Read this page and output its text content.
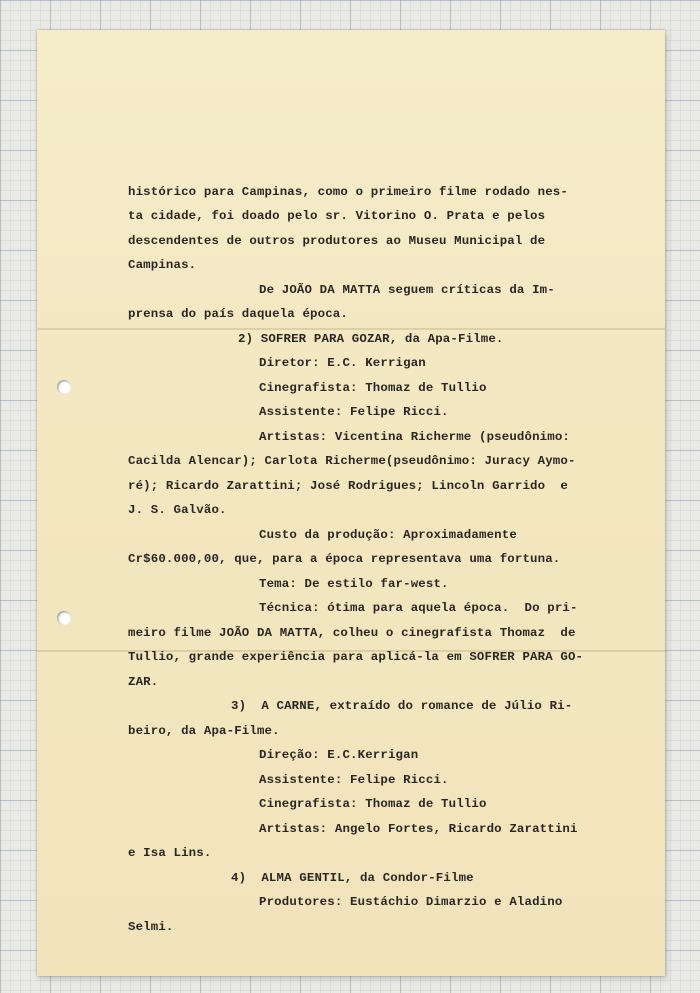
histórico para Campinas, como o primeiro filme rodado nes-
ta cidade, foi doado pelo sr. Vitorino O. Prata e pelos
descendentes de outros produtores ao Museu Municipal de
Campinas.
De JOÃO DA MATTA seguem críticas da Im-
prensa do país daquela época.
2) SOFRER PARA GOZAR, da Apa-Filme.
Diretor: E.C. Kerrigan
Cinegrafista: Thomaz de Tullio
Assistente: Felipe Ricci.
Artistas: Vicentina Richerme (pseudônimo:
Cacilda Alencar); Carlota Richerme(pseudônimo: Juracy Aymo-
ré); Ricardo Zarattini; José Rodrigues; Lincoln Garrido  e
J. S. Galvão.
Custo da produção: Aproximadamente
Cr$60.000,00, que, para a época representava uma fortuna.
Tema: De estilo far-west.
Técnica: ótima para aquela época.  Do pri-
meiro filme JOÃO DA MATTA, colheu o cinegrafista Thomaz  de
Tullio, grande experiência para aplicá-la em SOFRER PARA GO-
ZAR.
3)  A CARNE, extraído do romance de Júlio Ri-
beiro, da Apa-Filme.
Direção: E.C.Kerrigan
Assistente: Felipe Ricci.
Cinegrafista: Thomaz de Tullio
Artistas: Angelo Fortes, Ricardo Zarattini
e Isa Lins.
4)  ALMA GENTIL, da Condor-Filme
Produtores: Eustáchio Dimarzio e Aladino
Selmi.
